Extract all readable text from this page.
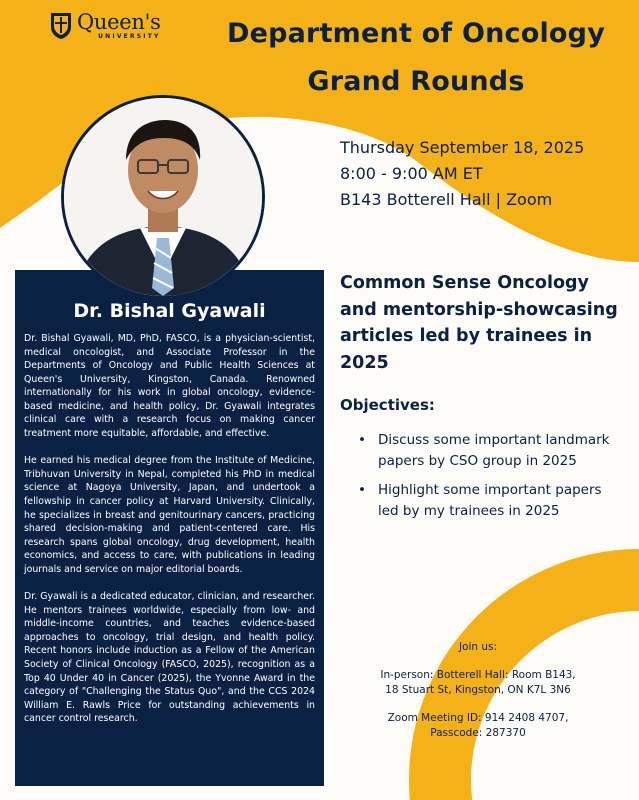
Queen's
UNIVERSITY	Department of Oncology
Grand Rounds
Thursday September 18, 2025
8:00 - 9:00 AM ET
B143 Botterell Hall | Zoom
Dr. Bishal Gyawali

Dr. Bishal Gyawali, MD, PhD, FASCO, is a physician-scientist, medical oncologist, and Associate Professor in the Departments of Oncology and Public Health Sciences at Queen's University, Kingston, Canada. Renowned internationally for his work in global oncology, evidence-based medicine, and health policy, Dr. Gyawali integrates clinical care with a research focus on making cancer treatment more equitable, affordable, and effective.

He earned his medical degree from the Institute of Medicine, Tribhuvan University in Nepal, completed his PhD in medical science at Nagoya University, Japan, and undertook a fellowship in cancer policy at Harvard University. Clinically, he specializes in breast and genitourinary cancers, practicing shared decision-making and patient-centered care. His research spans global oncology, drug development, health economics, and access to care, with publications in leading journals and service on major editorial boards.

Dr. Gyawali is a dedicated educator, clinician, and researcher. He mentors trainees worldwide, especially from low- and middle-income countries, and teaches evidence-based approaches to oncology, trial design, and health policy. Recent honors include induction as a Fellow of the American Society of Clinical Oncology (FASCO, 2025), recognition as a Top 40 Under 40 in Cancer (2025), the Yvonne Award in the category of "Challenging the Status Quo", and the CCS 2024 William E. Rawls Price for outstanding achievements in cancer control research.

Common Sense Oncology and mentorship-showcasing articles led by trainees in 2025
Objectives:
• Discuss some important landmark papers by CSO group in 2025
• Highlight some important papers led by my trainees in 2025
Join us:
In-person: Botterell Hall: Room B143,
18 Stuart St, Kingston, ON K7L 3N6
Zoom Meeting ID: 914 2408 4707,
Passcode: 287370
